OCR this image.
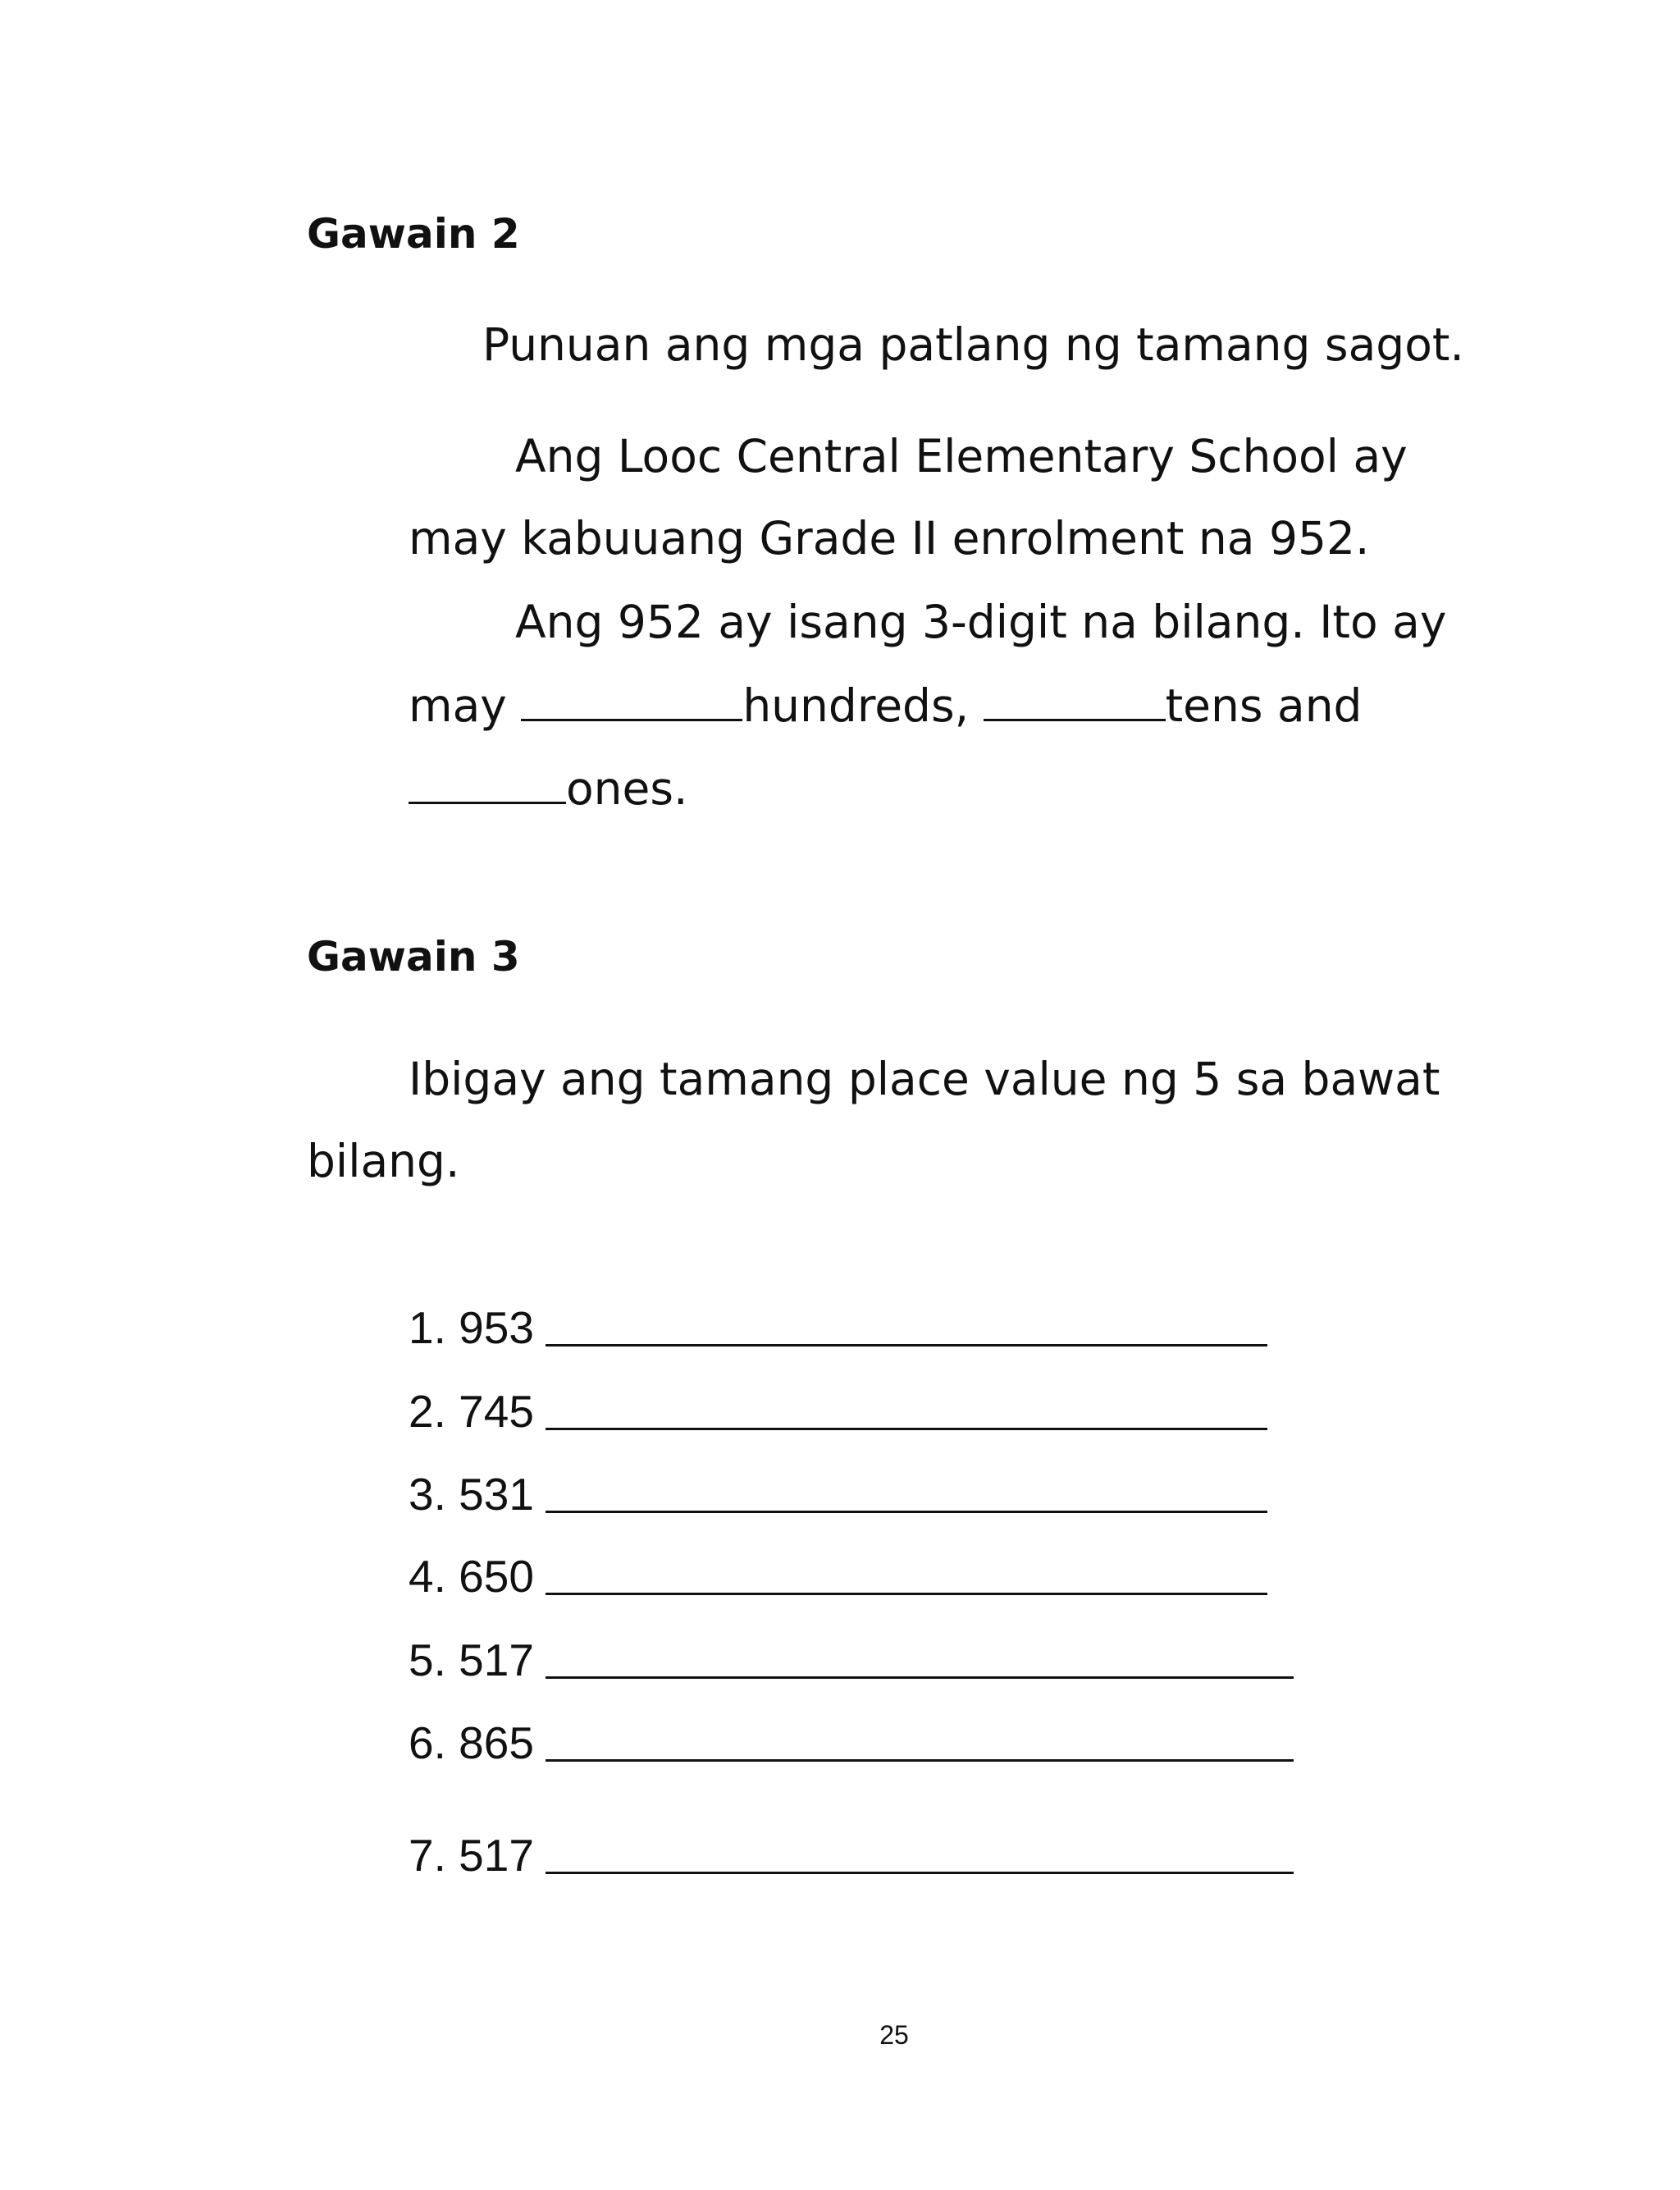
Gawain 2

Punuan ang mga patlang ng tamang sagot.

Ang Looc Central Elementary School ay

may kabuuang Grade II enrolment na 952.

Ang 952 ay isang 3-digit na bilang. Ito ay

may	hundreds,	tens and
ones.
Gawain 3

Ibigay ang tamang place value ng 5 sa bawat

bilang.

1. 953
2. 745
3. 531
4. 650
5. 517
6. 865
7. 517
25
